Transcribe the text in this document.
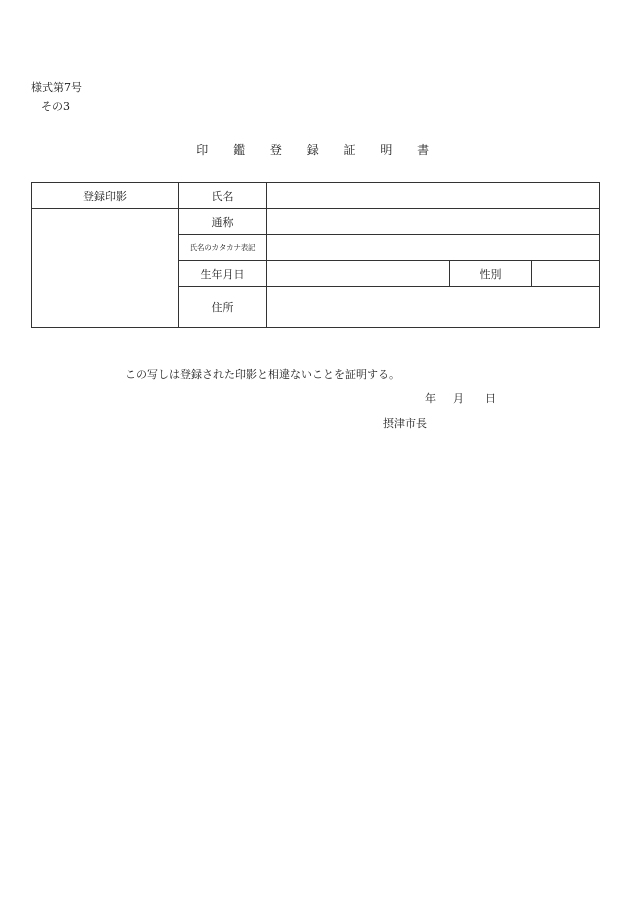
様式第7号
その3
印 鑑 登 録 証 明 書
登録印影	氏名			
	通称			
	氏名のカタカナ表記			
	生年月日		性別	
	住所			
この写しは登録された印影と相違ないことを証明する。
年 月 日
摂津市長
